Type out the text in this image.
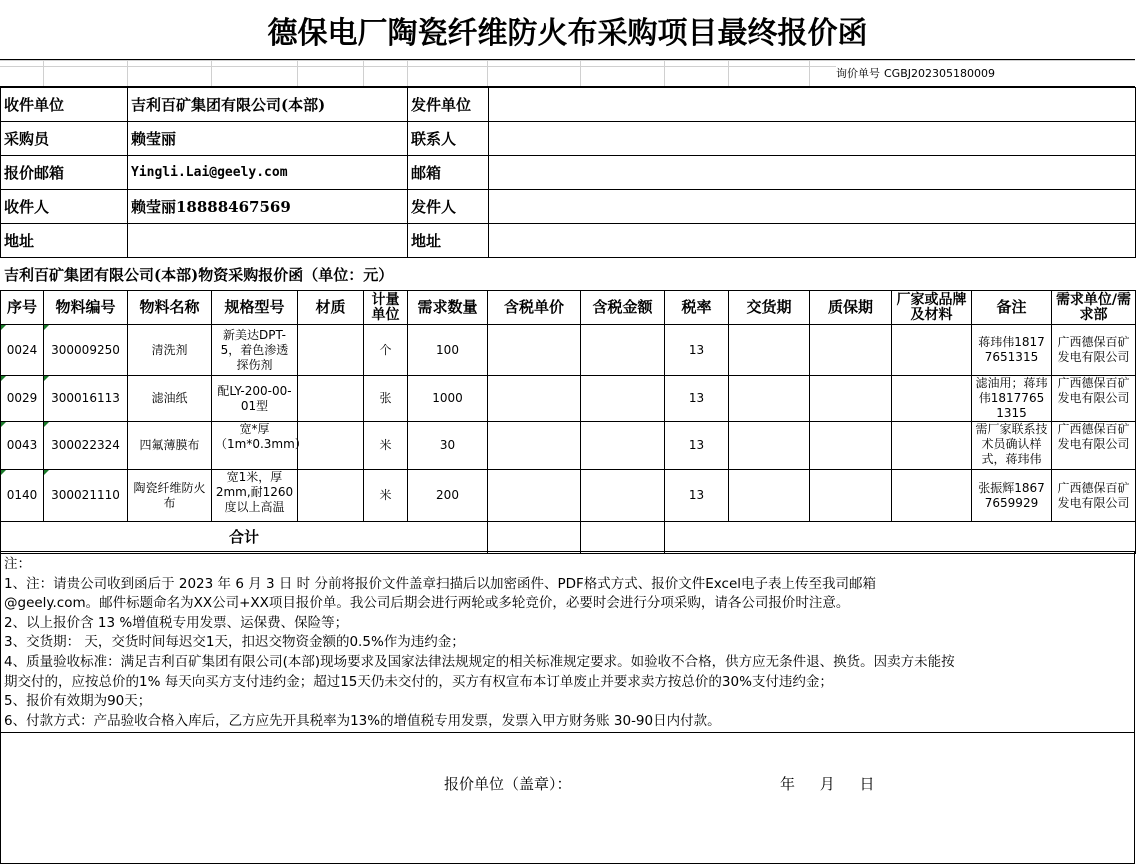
德保电厂陶瓷纤维防火布采购项目最终报价函
询价单号 CGBJ202305180009
收件单位	吉利百矿集团有限公司(本部)	发件单位	
采购员	赖莹丽	联系人	
报价邮箱	Yingli.Lai@geely.com	邮箱	
收件人	赖莹丽18888467569	发件人	
地址		地址	
吉利百矿集团有限公司(本部)物资采购报价函（单位：元）
序号	物料编号	物料名称	规格型号	材质	计量单位	需求数量	含税单价	含税金额	税率	交货期	质保期	厂家或品牌及材料	备注	需求单位/需求部
0024	300009250	清洗剂	新美达DPT-5，着色渗透探伤剂		个	100			13				蒋玮伟18177651315	广西德保百矿发电有限公司
0029	300016113	滤油纸	配LY-200-00-01型		张	1000			13				滤油用；蒋玮伟18177651315	广西德保百矿发电有限公司
0043	300022324	四氟薄膜布	宽*厚（1m*0.3mm）		米	30			13				需厂家联系技术员确认样式，蒋玮伟	广西德保百矿发电有限公司
0140	300021110	陶瓷纤维防火布	宽1米，厚2mm,耐1260度以上高温		米	200			13				张振辉18677659929	广西德保百矿发电有限公司
合计														
注：
1、注：请贵公司收到函后于 2023 年 6 月 3 日 时 分前将报价文件盖章扫描后以加密函件、PDF格式方式、报价文件Excel电子表上传至我司邮箱
@geely.com。邮件标题命名为XX公司+XX项目报价单。我公司后期会进行两轮或多轮竞价，必要时会进行分项采购，请各公司报价时注意。
2、以上报价含 13 %增值税专用发票、运保费、保险等；
3、交货期： 天，交货时间每迟交1天，扣迟交物资金额的0.5%作为违约金；
4、质量验收标准：满足吉利百矿集团有限公司(本部)现场要求及国家法律法规规定的相关标准规定要求。如验收不合格，供方应无条件退、换货。因卖方未能按
期交付的，应按总价的1% 每天向买方支付违约金；超过15天仍未交付的，买方有权宣布本订单废止并要求卖方按总价的30%支付违约金；
5、报价有效期为90天；
6、付款方式：产品验收合格入库后，乙方应先开具税率为13%的增值税专用发票，发票入甲方财务账 30-90日内付款。
报价单位（盖章）：	年 月 日
